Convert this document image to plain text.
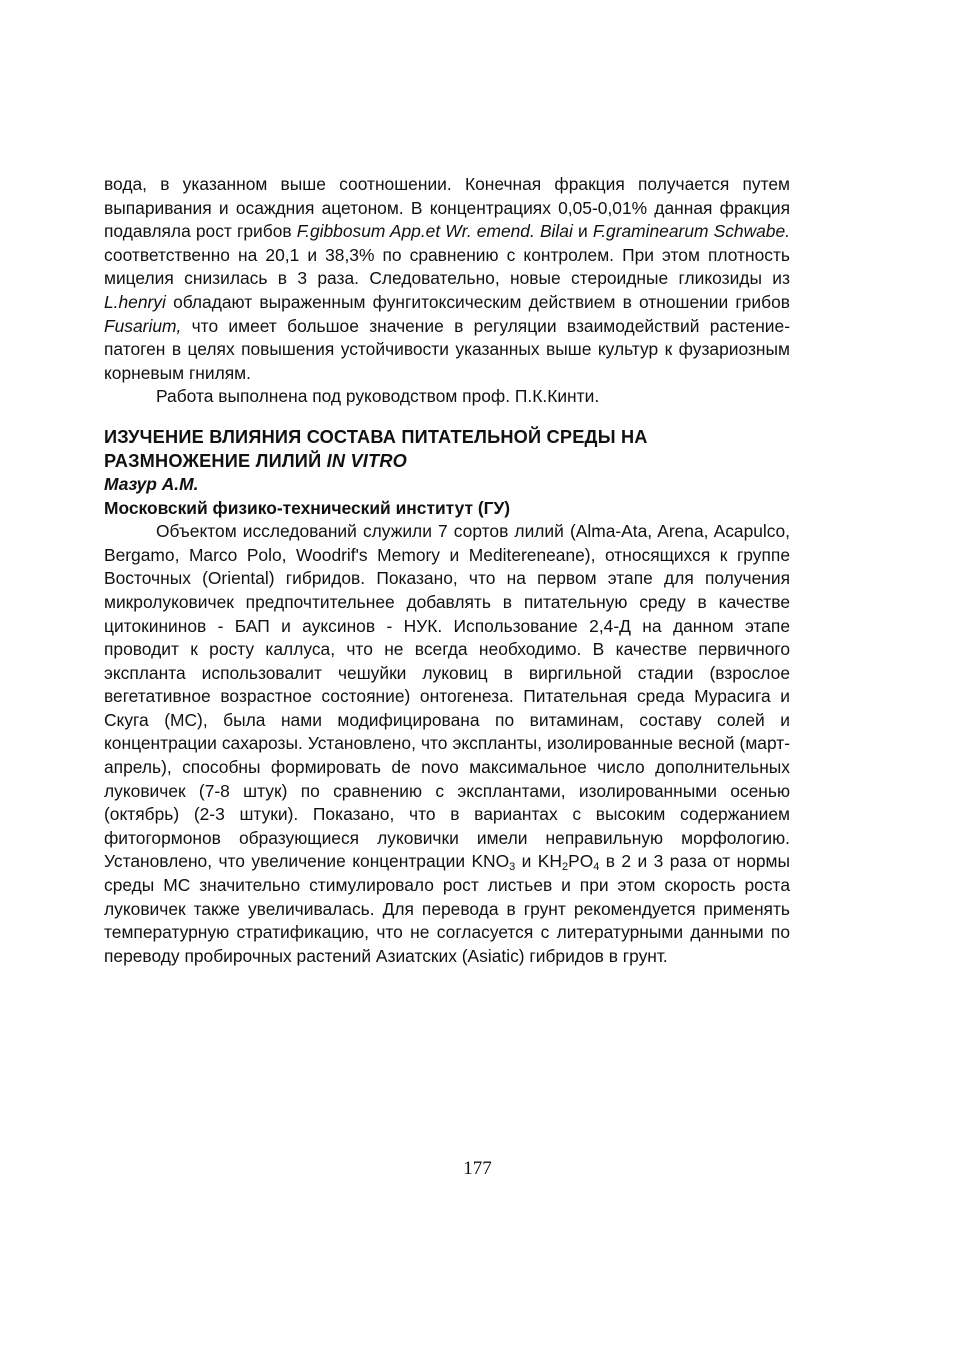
вода, в указанном выше соотношении. Конечная фракция получается путем выпаривания и осаждния ацетоном. В концентрациях 0,05-0,01% данная фракция подавляла рост грибов F.gibbosum App.et Wr. emend. Bilai и F.graminearum Schwabe. соответственно на 20,1 и 38,3% по сравнению с контролем. При этом плотность мицелия снизилась в 3 раза. Следовательно, новые стероидные гликозиды из L.henryi обладают выраженным фунгитоксическим действием в отношении грибов Fusarium, что имеет большое значение в регуляции взаимодействий растение-патоген в целях повышения устойчивости указанных выше культур к фузариозным корневым гнилям.

Работа выполнена под руководством проф. П.К.Кинти.

ИЗУЧЕНИЕ ВЛИЯНИЯ СОСТАВА ПИТАТЕЛЬНОЙ СРЕДЫ НА РАЗМНОЖЕНИЕ ЛИЛИЙ IN VITRO

Мазур А.М.

Московский физико-технический институт (ГУ)

Объектом исследований служили 7 сортов лилий (Alma-Ata, Arena, Acapulco, Bergamo, Marco Polo, Woodrif's Memory и Mediterenеane), относящихся к группе Восточных (Oriental) гибридов. Показано, что на первом этапе для получения микролуковичек предпочтительнее добавлять в питательную среду в качестве цитокининов - БАП и ауксинов - НУК. Использование 2,4-Д на данном этапе проводит к росту каллуса, что не всегда необходимо. В качестве первичного экспланта использовалит чешуйки луковиц в виргильной стадии (взрослое вегетативное возрастное состояние) онтогенеза. Питательная среда Мурасига и Скуга (МС), была нами модифицирована по витаминам, составу солей и концентрации сахарозы. Установлено, что экспланты, изолированные весной (март-апрель), способны формировать de novo максимальное число дополнительных луковичек (7-8 штук) по сравнению с эксплантами, изолированными осенью (октябрь) (2-3 штуки). Показано, что в вариантах с высоким содержанием фитогормонов образующиеся луковички имели неправильную морфологию. Установлено, что увеличение концентрации $KNO_3$ и $KH_2PO_4$ в 2 и 3 раза от нормы среды МС значительно стимулировало рост листьев и при этом скорость роста луковичек также увеличивалась. Для перевода в грунт рекомендуется применять температурную стратификацию, что не согласуется с литературными данными по переводу пробирочных растений Азиатских (Asiatic) гибридов в грунт.

177
